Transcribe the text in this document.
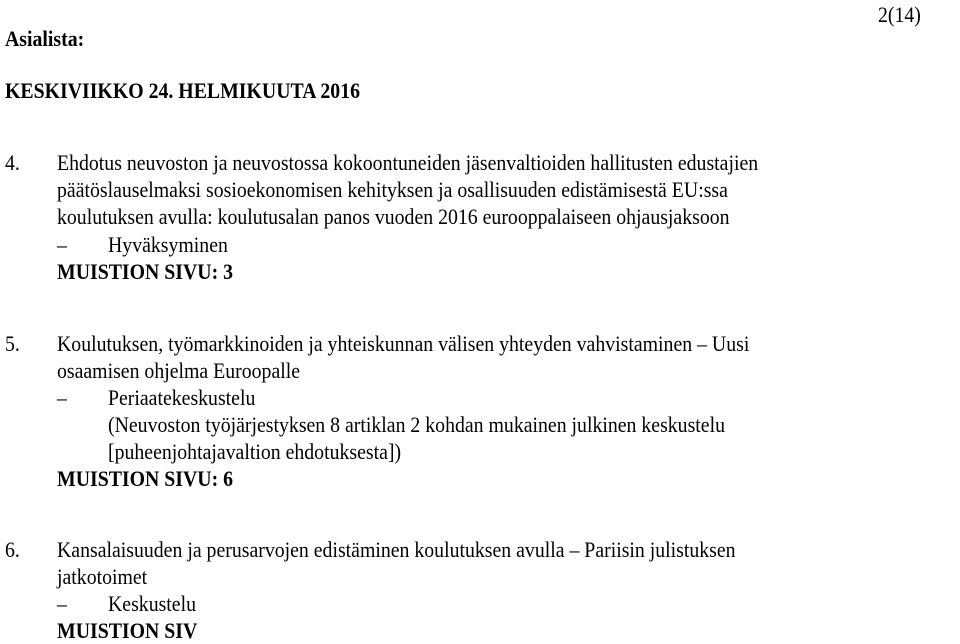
Asialista:
2(14)
KESKIVIIKKO 24. HELMIKUUTA 2016
4. Ehdotus neuvoston ja neuvostossa kokoontuneiden jäsenvaltioiden hallitusten edustajien
päätöslauselmaksi sosioekonomisen kehityksen ja osallisuuden edistämisestä EU:ssa
koulutuksen avulla: koulutusalan panos vuoden 2016 eurooppalaiseen ohjausjaksoon
– Hyväksyminen
MUISTION SIVU: 3
5. Koulutuksen, työmarkkinoiden ja yhteiskunnan välisen yhteyden vahvistaminen – Uusi
osaamisen ohjelma Euroopalle
– Periaatekeskustelu
(Neuvoston työjärjestyksen 8 artiklan 2 kohdan mukainen julkinen keskustelu
[puheenjohtajavaltion ehdotuksesta])
MUISTION SIVU: 6
6. Kansalaisuuden ja perusarvojen edistäminen koulutuksen avulla – Pariisin julistuksen
jatkotoimet
– Keskustelu
MUISTION SIV
